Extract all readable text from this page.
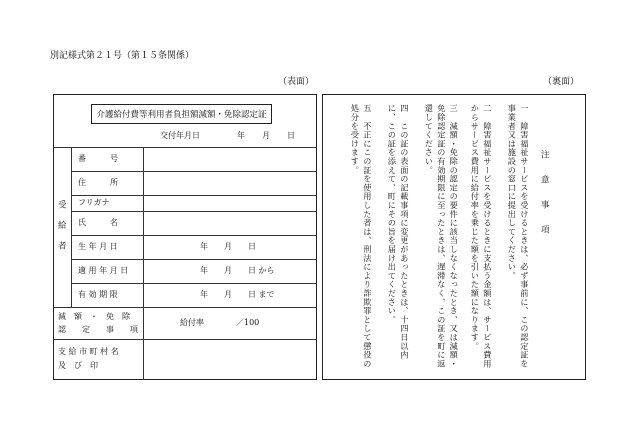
別記様式第２１号（第１５条関係）
（表面）	（裏面）
介護給付費等利用者負担額減額・免除認定証
交付年月日	年 月 日
受給者
番　　　号
住　　　所
フリガナ
氏　　　名
生 年 月 日	年　　月　　日
適 用 年 月 日	年　　月　　日 から
有 効 期 限	年　　月　　日 まで
減　額　・　免　除
認　　定　　事　　項
給付率	／100
支 給 市 町 村 名
及　び　印
注　意　事　項
一　障害福祉サービスを受けるときは、必ず事前に、この認定証を事業者又は施設の窓口に提出してください。
二　障害福祉サービスを受けるときに支払う金額は、サービス費用からサービス費用に給付率を乗じた額を引いた額になります。
三　減額・免除の認定の要件に該当しなくなったとき、又は減額・免除認定証の有効期限に至ったときは、遅滞なく、この証を町に返還してください。
四　この証の表面の記載事項に変更があったときは、十四日以内に、この証を添えて、町にその旨を届け出てください。
五　不正にこの証を使用した者は、刑法により詐欺罪として懲役の処分を受けます。
